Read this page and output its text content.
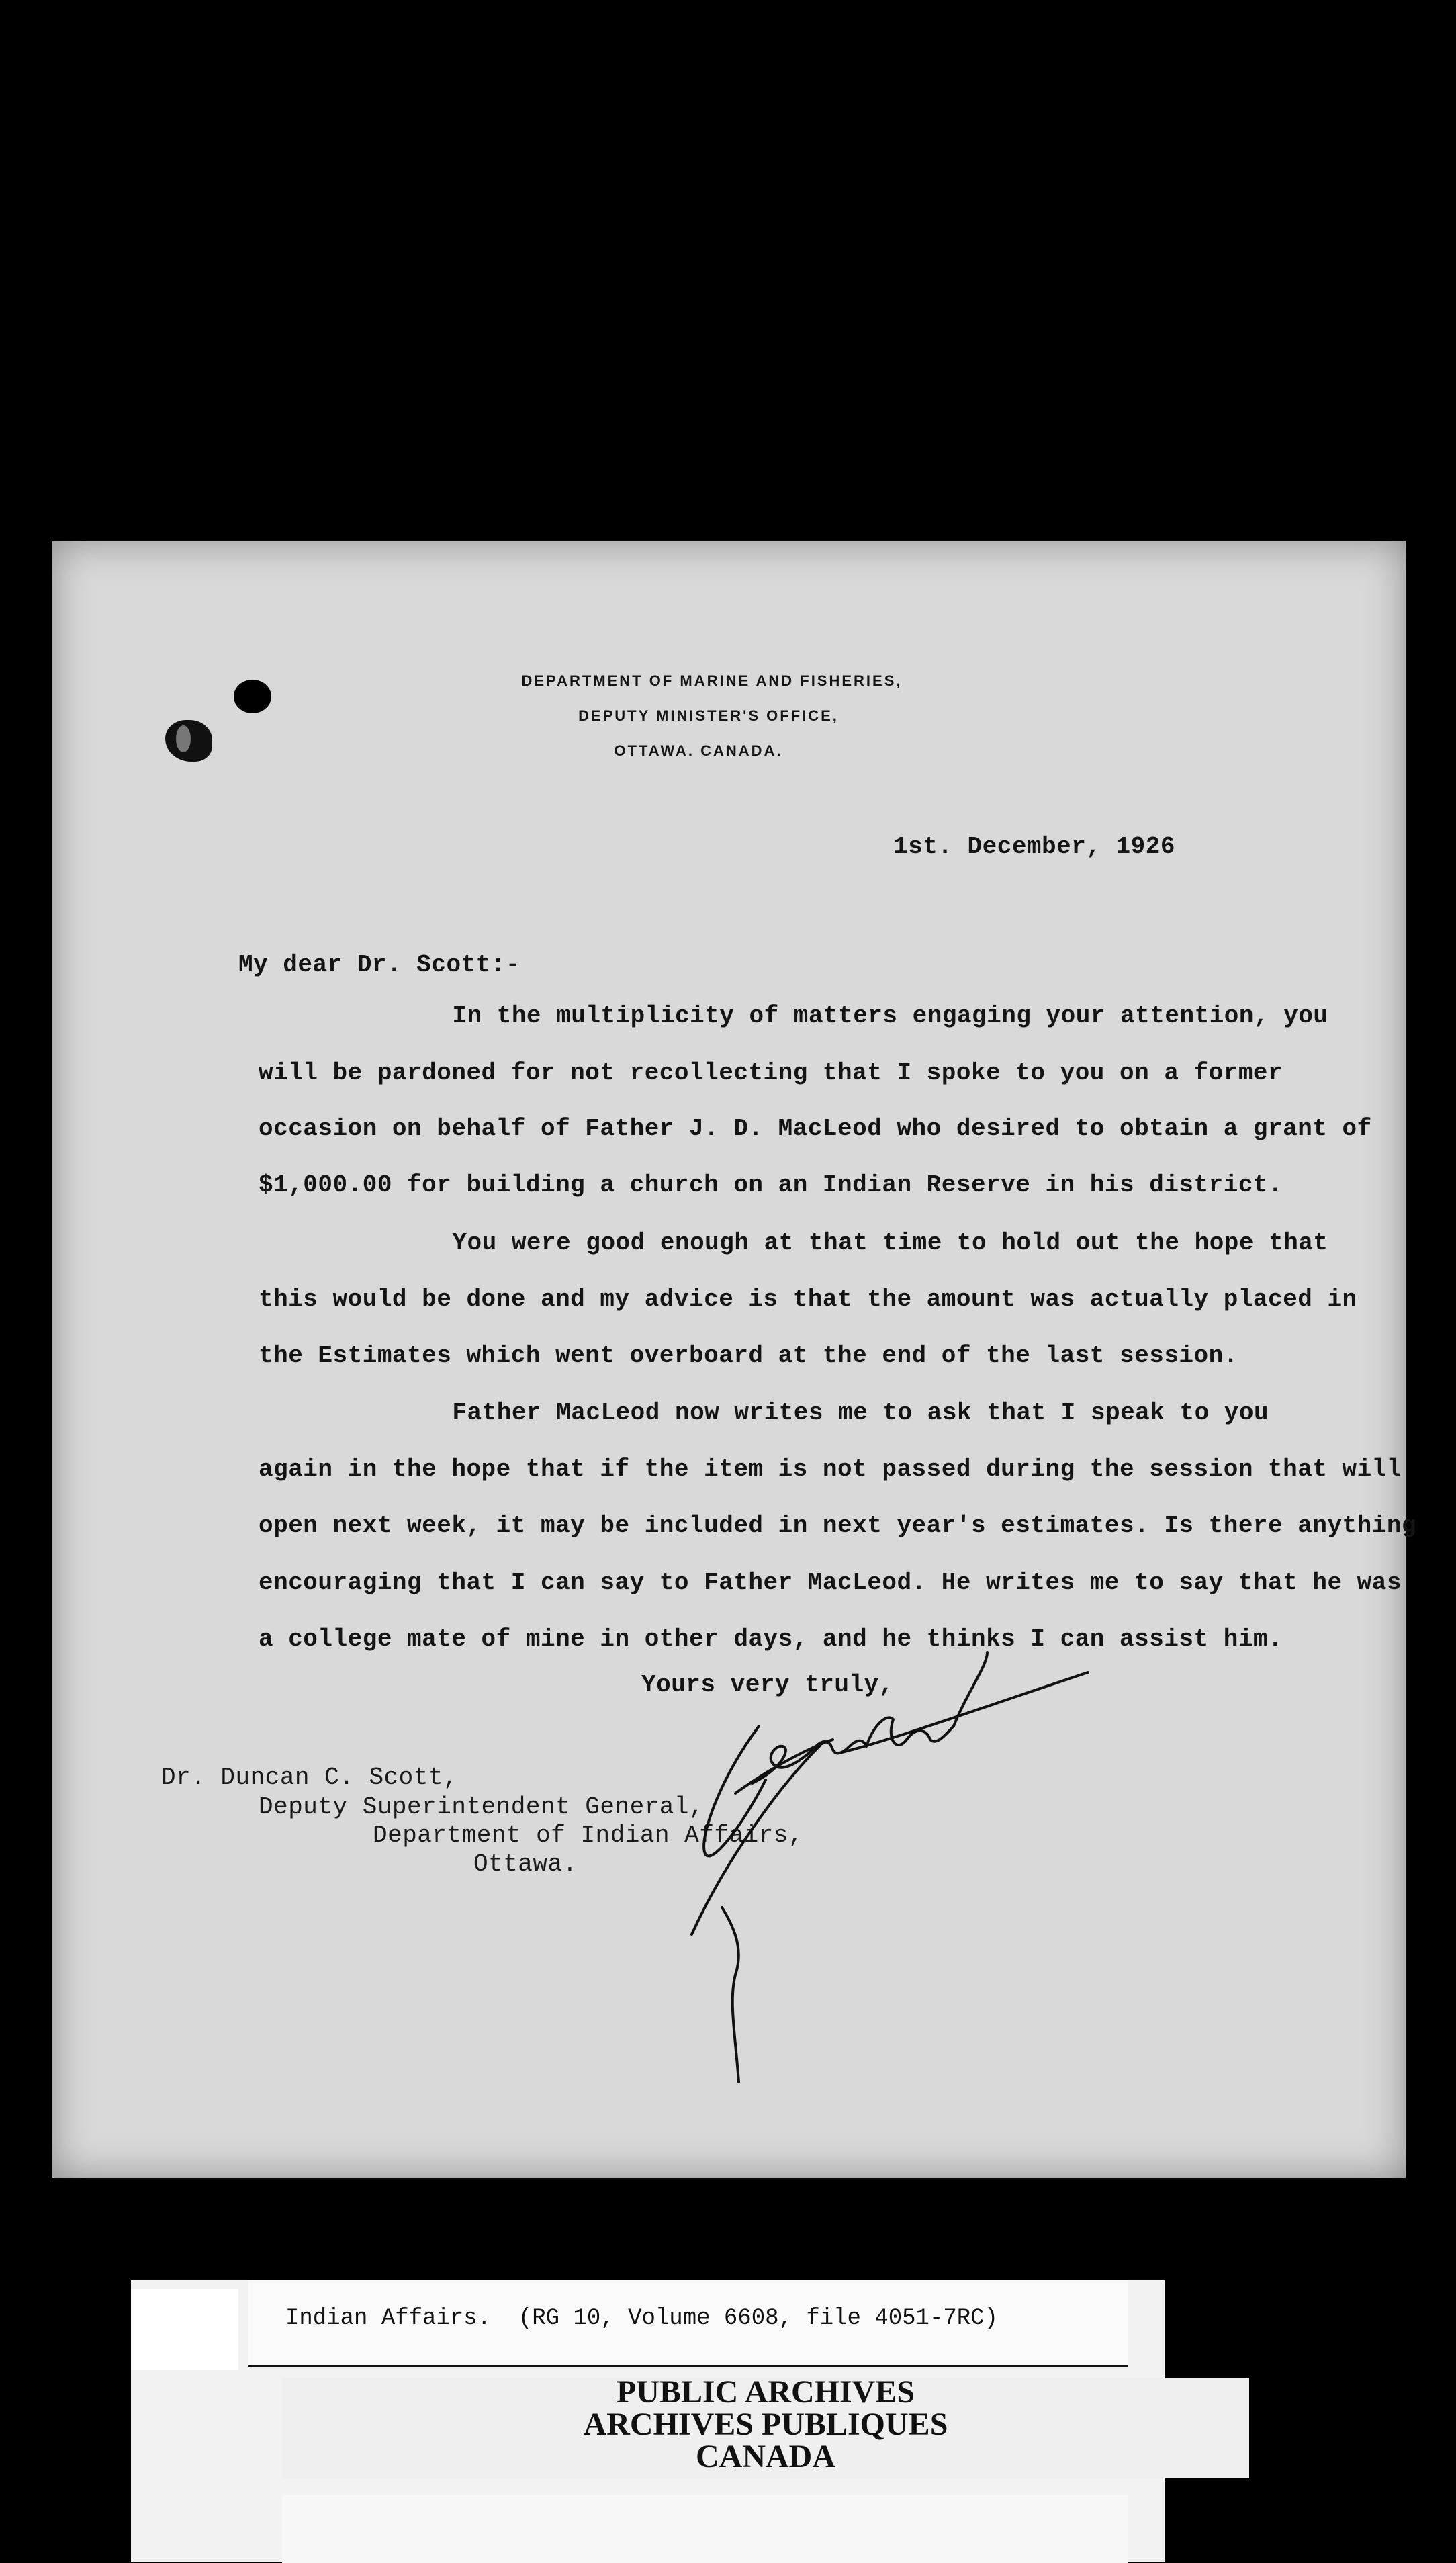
DEPARTMENT OF MARINE AND FISHERIES,
DEPUTY MINISTER'S OFFICE,
OTTAWA. CANADA.
1st. December, 1926
My dear Dr. Scott:-
In the multiplicity of matters engaging your attention, you
will be pardoned for not recollecting that I spoke to you on a former
occasion on behalf of Father J. D. MacLeod who desired to obtain a grant of
$1,000.00 for building a church on an Indian Reserve in his district.
You were good enough at that time to hold out the hope that
this would be done and my advice is that the amount was actually placed in
the Estimates which went overboard at the end of the last session.
Father MacLeod now writes me to ask that I speak to you
again in the hope that if the item is not passed during the session that will
open next week, it may be included in next year's estimates. Is there anything
encouraging that I can say to Father MacLeod. He writes me to say that he was
a college mate of mine in other days, and he thinks I can assist him.
Yours very truly,
Dr. Duncan C. Scott,
Deputy Superintendent General,
Department of Indian Affairs,
Ottawa.
Indian Affairs.  (RG 10, Volume 6608, file 4051-7RC)
PUBLIC ARCHIVES
ARCHIVES PUBLIQUES
CANADA
